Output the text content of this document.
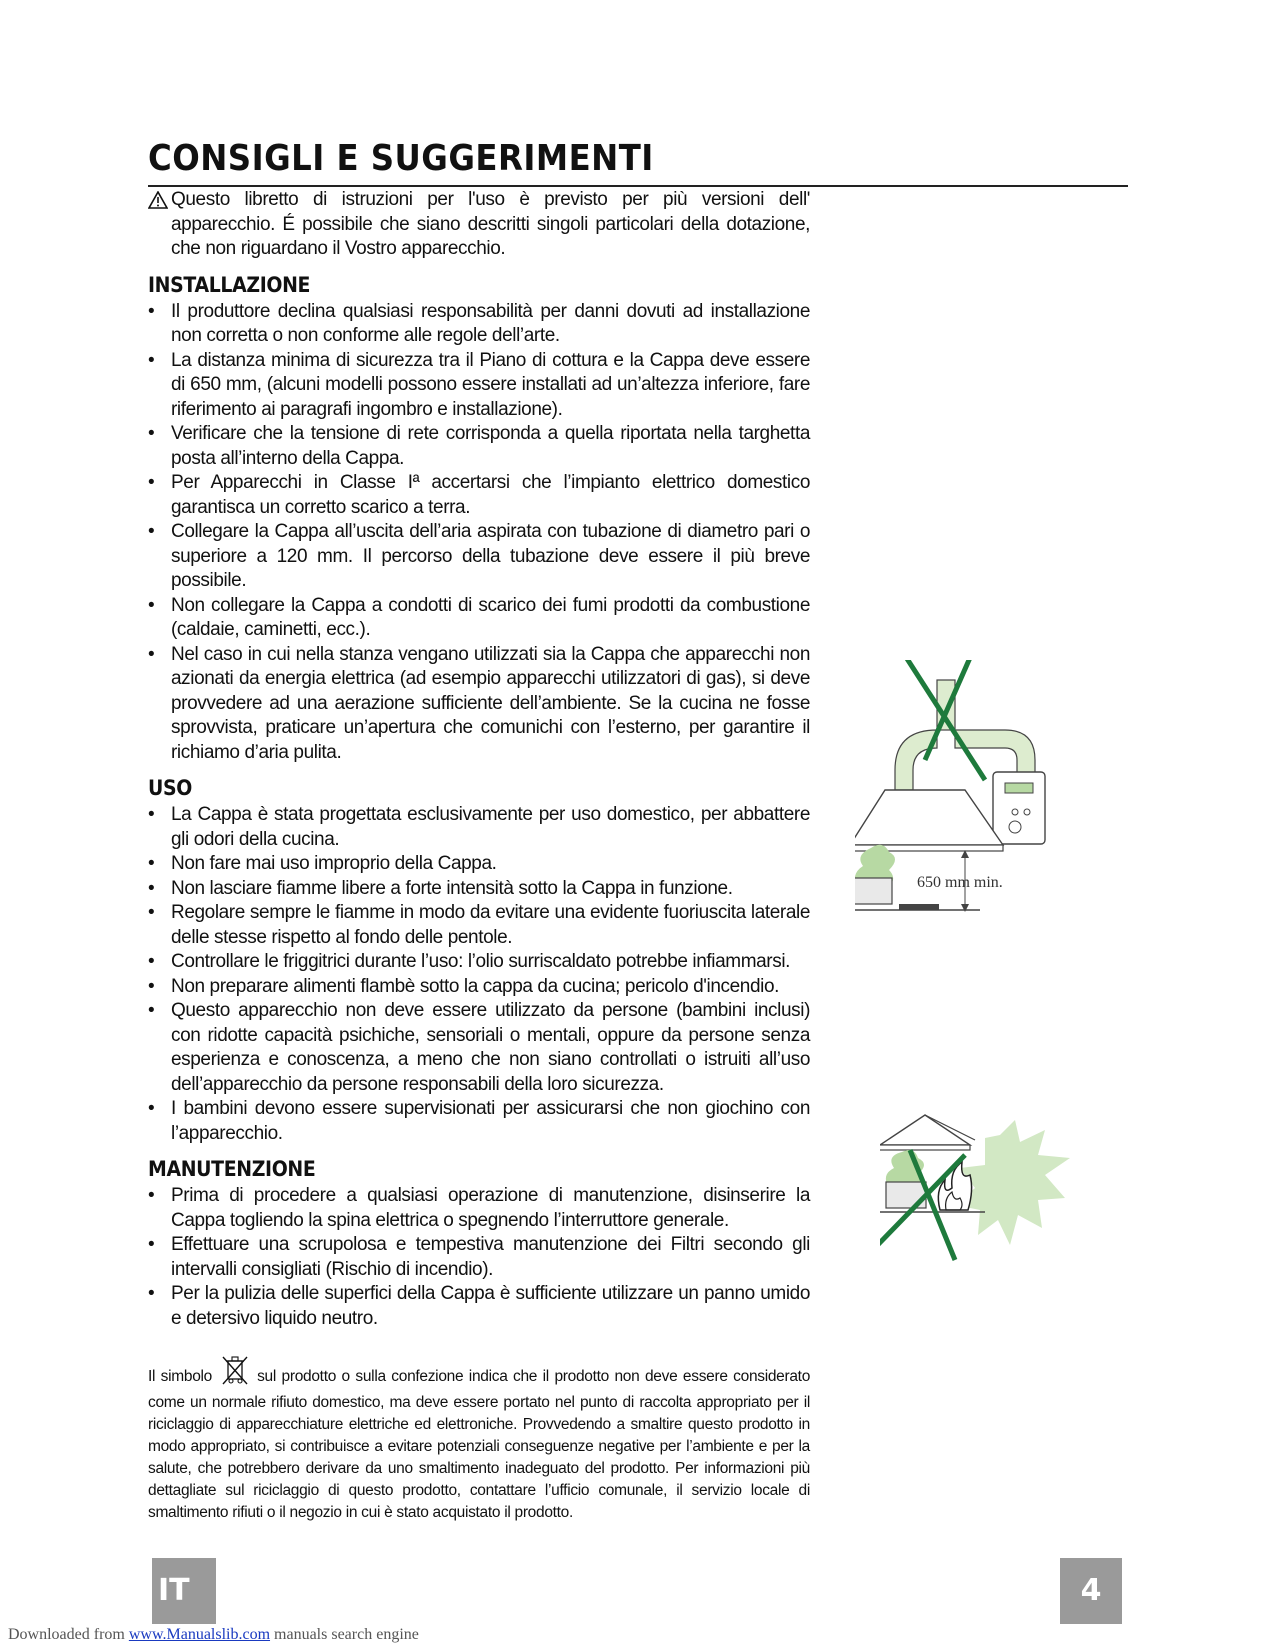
CONSIGLI E SUGGERIMENTI

Questo libretto di istruzioni per l'uso è previsto per più versioni dell' apparecchio. É possibile che siano descritti singoli particolari della dotazione, che non riguardano il Vostro apparecchio.

INSTALLAZIONE
• Il produttore declina qualsiasi responsabilità per danni dovuti ad installazione non corretta o non conforme alle regole dell’arte.
• La distanza minima di sicurezza tra il Piano di cottura e la Cappa deve essere di 650 mm, (alcuni modelli possono essere installati ad un’altezza inferiore, fare riferimento ai paragrafi ingombro e installazione).
• Verificare che la tensione di rete corrisponda a quella riportata nella targhetta posta all’interno della Cappa.
• Per Apparecchi in Classe Iª accertarsi che l’impianto elettrico domestico garantisca un corretto scarico a terra.
• Collegare la Cappa all’uscita dell’aria aspirata con tubazione di diametro pari o superiore a 120 mm. Il percorso della tubazione deve essere il più breve possibile.
• Non collegare la Cappa a condotti di scarico dei fumi prodotti da combustione (caldaie, caminetti, ecc.).
• Nel caso in cui nella stanza vengano utilizzati sia la Cappa che apparecchi non azionati da energia elettrica (ad esempio apparecchi utilizzatori di gas), si deve provvedere ad una aerazione sufficiente dell’ambiente. Se la cucina ne fosse sprovvista, praticare un’apertura che comunichi con l’esterno, per garantire il richiamo d’aria pulita.
USO
• La Cappa è stata progettata esclusivamente per uso domestico, per abbattere gli odori della cucina.
• Non fare mai uso improprio della Cappa.
• Non lasciare fiamme libere a forte intensità sotto la Cappa in funzione.
• Regolare sempre le fiamme in modo da evitare una evidente fuoriuscita laterale delle stesse rispetto al fondo delle pentole.
• Controllare le friggitrici durante l’uso: l’olio surriscaldato potrebbe infiammarsi.
• Non preparare alimenti flambè sotto la cappa da cucina; pericolo d'incendio.
• Questo apparecchio non deve essere utilizzato da persone (bambini inclusi) con ridotte capacità psichiche, sensoriali o mentali, oppure da persone senza esperienza e conoscenza, a meno che non siano controllati o istruiti all’uso dell’apparecchio da persone responsabili della loro sicurezza.
• I bambini devono essere supervisionati per assicurarsi che non giochino con l’apparecchio.
MANUTENZIONE
• Prima di procedere a qualsiasi operazione di manutenzione, disinserire la Cappa togliendo la spina elettrica o spegnendo l’interruttore generale.
• Effettuare una scrupolosa e tempestiva manutenzione dei Filtri secondo gli intervalli consigliati (Rischio di incendio).
• Per la pulizia delle superfici della Cappa è sufficiente utilizzare un panno umido e detersivo liquido neutro.
Il simbolo	sul prodotto o sulla confezione indica che il prodotto non deve essere considerato come un normale rifiuto domestico, ma deve essere portato nel punto di raccolta appropriato per il riciclaggio di apparecchiature elettriche ed elettroniche. Provvedendo a smaltire questo prodotto in modo appropriato, si contribuisce a evitare potenziali conseguenze negative per l’ambiente e per la salute, che potrebbero derivare da uno smaltimento inadeguato del prodotto. Per informazioni più dettagliate sul riciclaggio di questo prodotto, contattare l’ufficio comunale, il servizio locale di smaltimento rifiuti o il negozio in cui è stato acquistato il prodotto.
650 mm min.
IT	4
Downloaded from www.Manualslib.com manuals search engine
